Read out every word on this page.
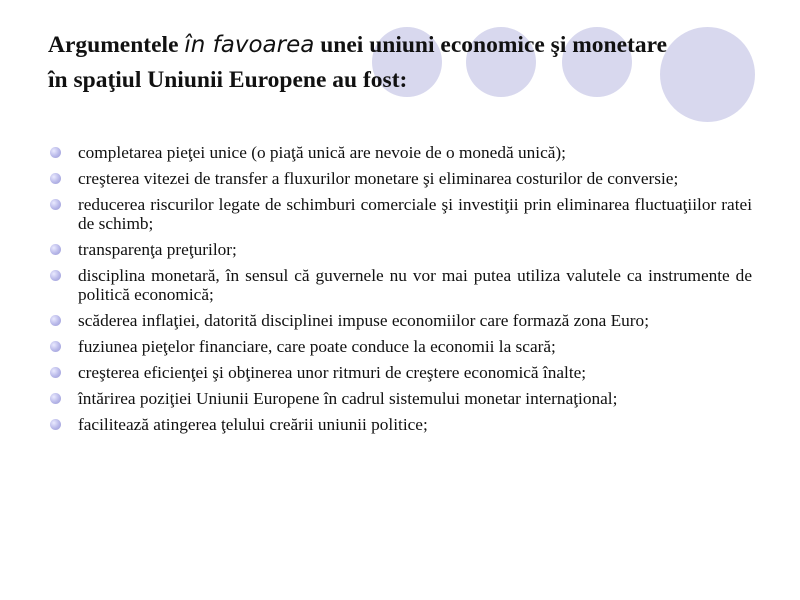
Argumentele în favoarea unei uniuni economice şi monetare în spaţiul Uniunii Europene au fost:
completarea pieţei unice (o piaţă unică are nevoie de o monedă unică);
creşterea vitezei de transfer a fluxurilor monetare şi eliminarea costurilor de conversie;
reducerea riscurilor legate de schimburi comerciale şi investiţii prin eliminarea fluctuaţiilor ratei de schimb;
transparenţa preţurilor;
disciplina monetară, în sensul că guvernele nu vor mai putea utiliza valutele ca instrumente de politică economică;
scăderea inflaţiei, datorită disciplinei impuse economiilor care formază zona Euro;
fuziunea pieţelor financiare, care poate conduce la economii la scară;
creşterea eficienţei şi obţinerea unor ritmuri de creştere economică înalte;
întărirea poziţiei Uniunii Europene în cadrul sistemului monetar internaţional;
facilitează atingerea ţelului creării uniunii politice;
